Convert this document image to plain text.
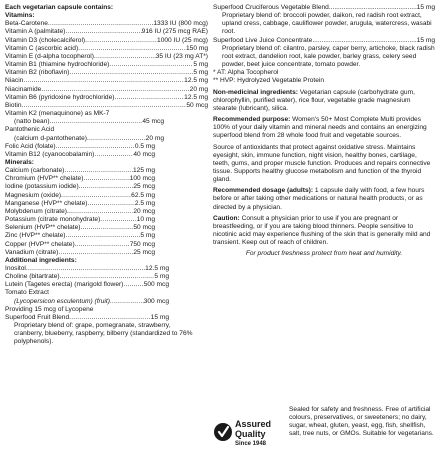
Each vegetarian capsule contains:
Vitamins:
Beta-Carotene .....	1333 IU (800 mcg)
Vitamin A (palmitate) .....	916 IU (275 mcg RAE)
Vitamin D3 (cholecalciferol) .....	1000 IU (25 mcg)
Vitamin C (ascorbic acid) .....	150 mg
Vitamin E (d-alpha tocopherol) .....	35 IU (23 mg AT*)
Vitamin B1 (thiamine hydrochloride) .....	5 mg
Vitamin B2 (riboflavin) .....	5 mg
Niacin .....	12.5 mg
Niacinamide .....	20 mg
Vitamin B6 (pyridoxine hydrochloride) .....	12.5 mg
Biotin .....	50 mcg
Vitamin K2 (menaquinone) as MK-7
(natto bean) .....	45 mcg
Pantothenic Acid
(calcium d-pantothenate) .....	20 mg
Folic Acid (folate) .....	0.5 mg
Vitamin B12 (cyanocobalamin) .....	40 mcg
Minerals:
Calcium (carbonate) .....	125 mg
Chromium (HVP** chelate) .....	100 mcg
Iodine (potassium iodide) .....	25 mcg
Magnesium (oxide) .....	62.5 mg
Manganese (HVP** chelate) .....	2.5 mg
Molybdenum (citrate) .....	20 mcg
Potassium (citrate monohydrate) .....	10 mg
Selenium (HVP** chelate) .....	50 mcg
Zinc (HVP** chelate) .....	5 mg
Copper (HVP** chelate) .....	750 mcg
Vanadium (citrate) .....	25 mcg
Additional ingredients:
Inositol .....	12.5 mg
Choline (bitartrate) .....	5 mg
Lutein (Tagetes erecta) (marigold flower) .....	500 mcg
Tomato Extract
(Lycopersicon esculentum) (fruit) .....	300 mcg
Providing 15 mcg of Lycopene
Superfood Fruit Blend .....	15 mg
Proprietary blend of: grape, pomegranate, strawberry, cranberry, blueberry, raspberry, bilberry (standardized to 76% polyphenols).
Superfood Cruciferous Vegetable Blend .....	15 mg
Proprietary blend of: broccoli powder, daikon, red radish root extract, upland cress, cabbage, cauliflower powder, arugula, watercress, wasabi root.
Superfood Live Juice Concentrate .....	15 mg
Proprietary blend of: cilantro, parsley, caper berry, artichoke, black radish root extract, dandelion root, kale powder, barley grass, celery seed powder, beet juice concentrate, tomato powder.
* AT: Alpha Tocopherol
** HVP: Hydrolyzed Vegetable Protein

Non-medicinal ingredients: Vegetarian capsule (carbohydrate gum, chlorophyllin, purified water), rice flour, vegetable grade magnesium stearate (lubricant), silica.

Recommended purpose: Women's 50+ Most Complete Multi provides 100% of your daily vitamin and mineral needs and contains an energizing superfood blend from 28 whole food fruit and vegetable sources.

Source of antioxidants that protect against oxidative stress. Maintains eyesight, skin, immune function, night vision, healthy bones, cartilage, teeth, gums, and proper muscle function. Produces and repairs connective tissue. Supports healthy glucose metabolism and function of the thyroid gland.

Recommended dosage (adults): 1 capsule daily with food, a few hours before or after taking other medications or natural health products, or as directed by a physician.

Caution: Consult a physician prior to use if you are pregnant or breastfeeding, or if you are taking blood thinners. People sensitive to nicotinic acid may experience flushing of the skin that is generally mild and transient. Keep out of reach of children.

For product freshness protect from heat and humidity.
Assured
Quality
Since 1948
Sealed for safety and freshness. Free of artificial colours, preservatives, or sweeteners; no dairy, sugar, wheat, gluten, yeast, egg, fish, shellfish, salt, tree nuts, or GMOs. Suitable for vegetarians.
